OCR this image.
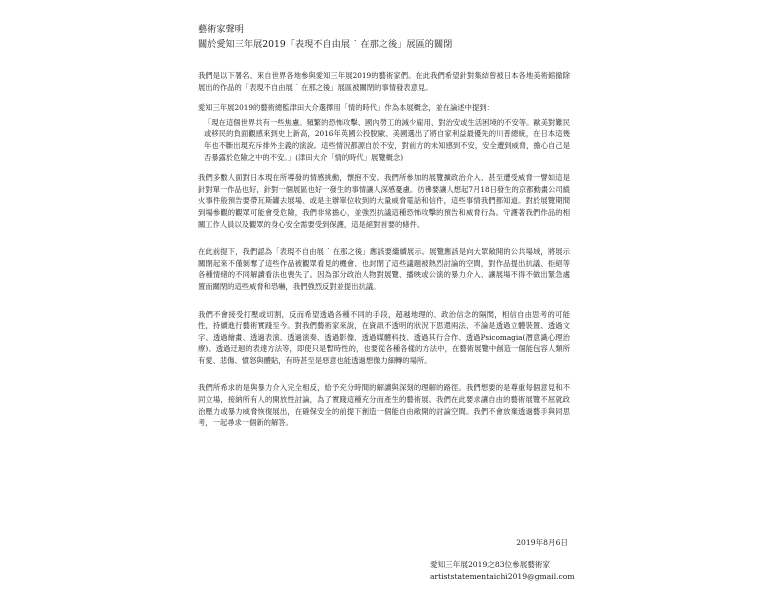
藝術家聲明
關於愛知三年展2019「表現不自由展 ˙ 在那之後」展區的關閉

我們是以下署名、來自世界各地參與愛知三年展2019的藝術家們。在此我們希望針對集結曾被日本各地美術館撤除展出的作品的「表現不自由展 ˙ 在那之後」展區被關閉的事情發表意見。

愛知三年展2019的藝術總監津田大介選擇用「情的時代」作為本展概念，並在論述中提到：

「現在這個世界共有一些焦慮。頻繁的恐怖攻擊、國內勞工的減少雇用、對治安或生活困境的不安等。歐美對難民或移民的負面觀感來到史上新高，2016年英國公投脫歐、美國選出了將自家利益最優先的川普總統，在日本這幾年也不斷出現充斥排外主義的演說。這些情況都源自於不安，對前方的未知感到不安，安全遭到威脅，擔心自己是否暴露於危險之中的不安。」(津田大介「情的時代」展覽概念)

我們多數人面對日本現在所導發的情感挑動，懷抱不安。我們所參加的展覽擴政治介入、甚至遭受威脅一譬如這是針對單一作品也好，針對一個展區也好一發生的事情讓人深感憂慮。彷彿要讓人想起7月18日發生的京都動畫公司縱火事件般預告要帶瓦斯罐去展場、或是主辦單位收到的大量威脅電話和信件，這些事情我們都知道。對於展覽期間到場參觀的觀眾可能會受危險，我們非常擔心，並強烈抗議這種恐怖攻擊的預告和威脅行為。守護著我們作品的相關工作人員以及觀眾的身心安全需要受到保護，這是絕對首要的條件。

在此前提下，我們認為「表現不自由展 ˙ 在那之後」應該要繼續展示。展覽應該是向大眾敞開的公共場域，將展示關閉起來不僅剝奪了這些作品被觀眾看見的機會、也封閉了這些議題被熱烈討論的空間，對作品提出抗議、拒絕等各種情緒的不同解讀看法也喪失了。因為部分政治人物對展覽、播映或公演的暴力介入、讓展場不得不做出緊急處置而關閉的這些威脅和恐嚇，我們強烈反對並提出抗議。

我們不會接受打壓或切割，反而希望透過各種不同的手段，超越地理的、政治信念的隔閡，相信自由思考的可能性，持續進行藝術實踐至今。對我們藝術家來說，在資訊不透明的狀況下思還兩法、不論是透過立體裝置、透過文字、透過繪畫、透過表演、透過演奏、透過影像、透過媒體科技、透過其行合作、透過Psicomagia(潛意識心理治療)、透過迂迴的表達方法等，即使只是暫時性的，也要從各種各樣的方法中，在藝術展覽中創造一個能包容人類所有愛、悲傷、憤怒與體貼，有時甚至是惡意也能透過想像力細轉的場所。

我們所希求的是與暴力介入完全相反，給予充分時間的解讀與深刻的理解的路徑。我們想要的是尊重每個意見和不同立場，接納所有人的開放性討論，為了實踐這種充分而產生的藝術展。我們在此要求讓自由的藝術展覽不屈就政治壓力或暴力威脅恢復展出，在確保安全的前提下創造一個能自由敞開的討論空間。我們不會放棄透過藝手與同思考，一起尋求一個新的解答。

2019年8月6日
愛知三年展2019之83位參展藝術家
artiststatementaichi2019@gmail.com
